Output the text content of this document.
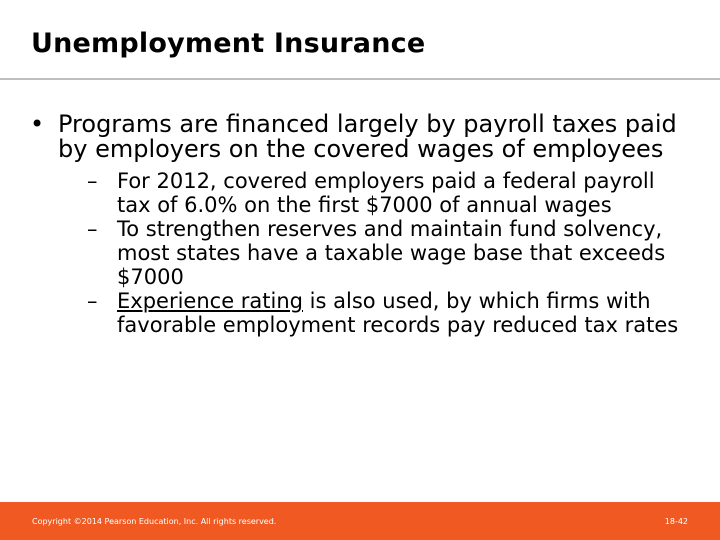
Unemployment Insurance
• Programs are financed largely by payroll taxes paid by employers on the covered wages of employees
– For 2012, covered employers paid a federal payroll tax of 6.0% on the first $7000 of annual wages
– To strengthen reserves and maintain fund solvency, most states have a taxable wage base that exceeds $7000
– Experience rating is also used, by which firms with favorable employment records pay reduced tax rates
Copyright ©2014 Pearson Education, Inc. All rights reserved.	18-42
